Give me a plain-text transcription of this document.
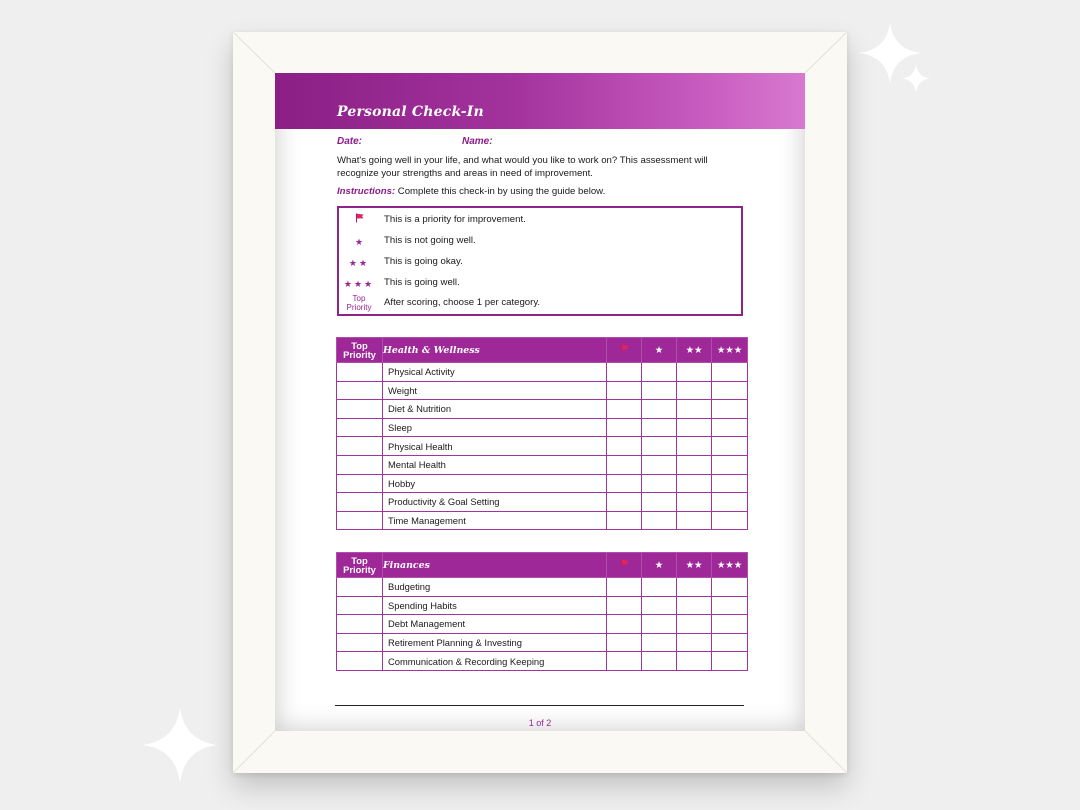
Personal Check-In
Date:	Name:
What's going well in your life, and what would you like to work on? This assessment will recognize your strengths and areas in need of improvement.
Instructions: Complete this check-in by using the guide below.
This is a priority for improvement.
★	This is not going well.
★★	This is going okay.
★★★	This is going well.
Top
Priority	After scoring, choose 1 per category.
Top
Priority	Health & Wellness		★	★★	★★★
	Physical Activity				
	Weight				
	Diet & Nutrition				
	Sleep				
	Physical Health				
	Mental Health				
	Hobby				
	Productivity & Goal Setting				
	Time Management				
Top
Priority	Finances		★	★★	★★★
	Budgeting				
	Spending Habits				
	Debt Management				
	Retirement Planning & Investing				
	Communication & Recording Keeping				
1 of 2
